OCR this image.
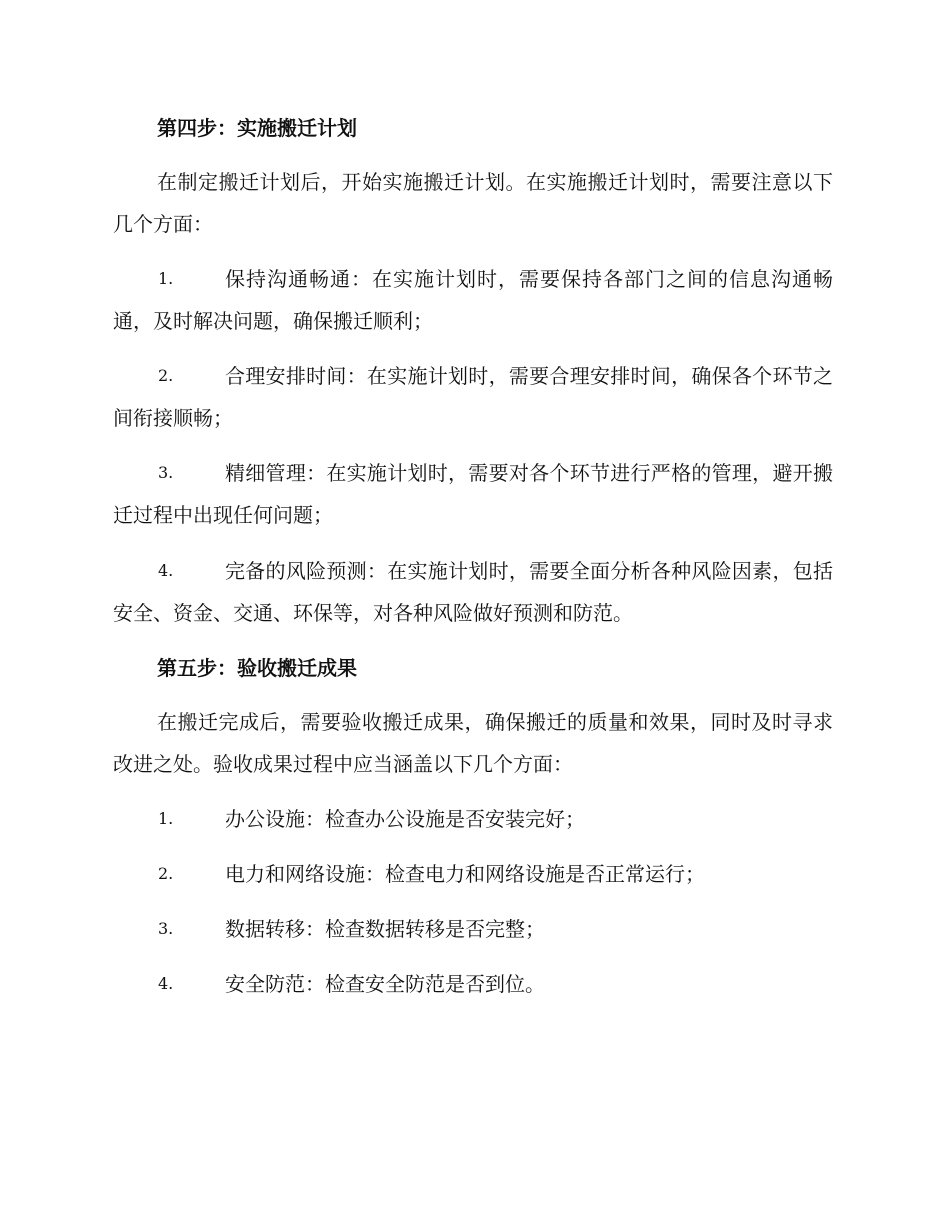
第四步：实施搬迁计划
在制定搬迁计划后，开始实施搬迁计划。在实施搬迁计划时，需要注意以下几个方面：
1.	保持沟通畅通：在实施计划时，需要保持各部门之间的信息沟通畅通，及时解决问题，确保搬迁顺利；
2.	合理安排时间：在实施计划时，需要合理安排时间，确保各个环节之间衔接顺畅；
3.	精细管理：在实施计划时，需要对各个环节进行严格的管理，避开搬迁过程中出现任何问题；
4.	完备的风险预测：在实施计划时，需要全面分析各种风险因素，包括安全、资金、交通、环保等，对各种风险做好预测和防范。
第五步：验收搬迁成果
在搬迁完成后，需要验收搬迁成果，确保搬迁的质量和效果，同时及时寻求改进之处。验收成果过程中应当涵盖以下几个方面：
1.	办公设施：检查办公设施是否安装完好；
2.	电力和网络设施：检查电力和网络设施是否正常运行；
3.	数据转移：检查数据转移是否完整；
4.	安全防范：检查安全防范是否到位。
